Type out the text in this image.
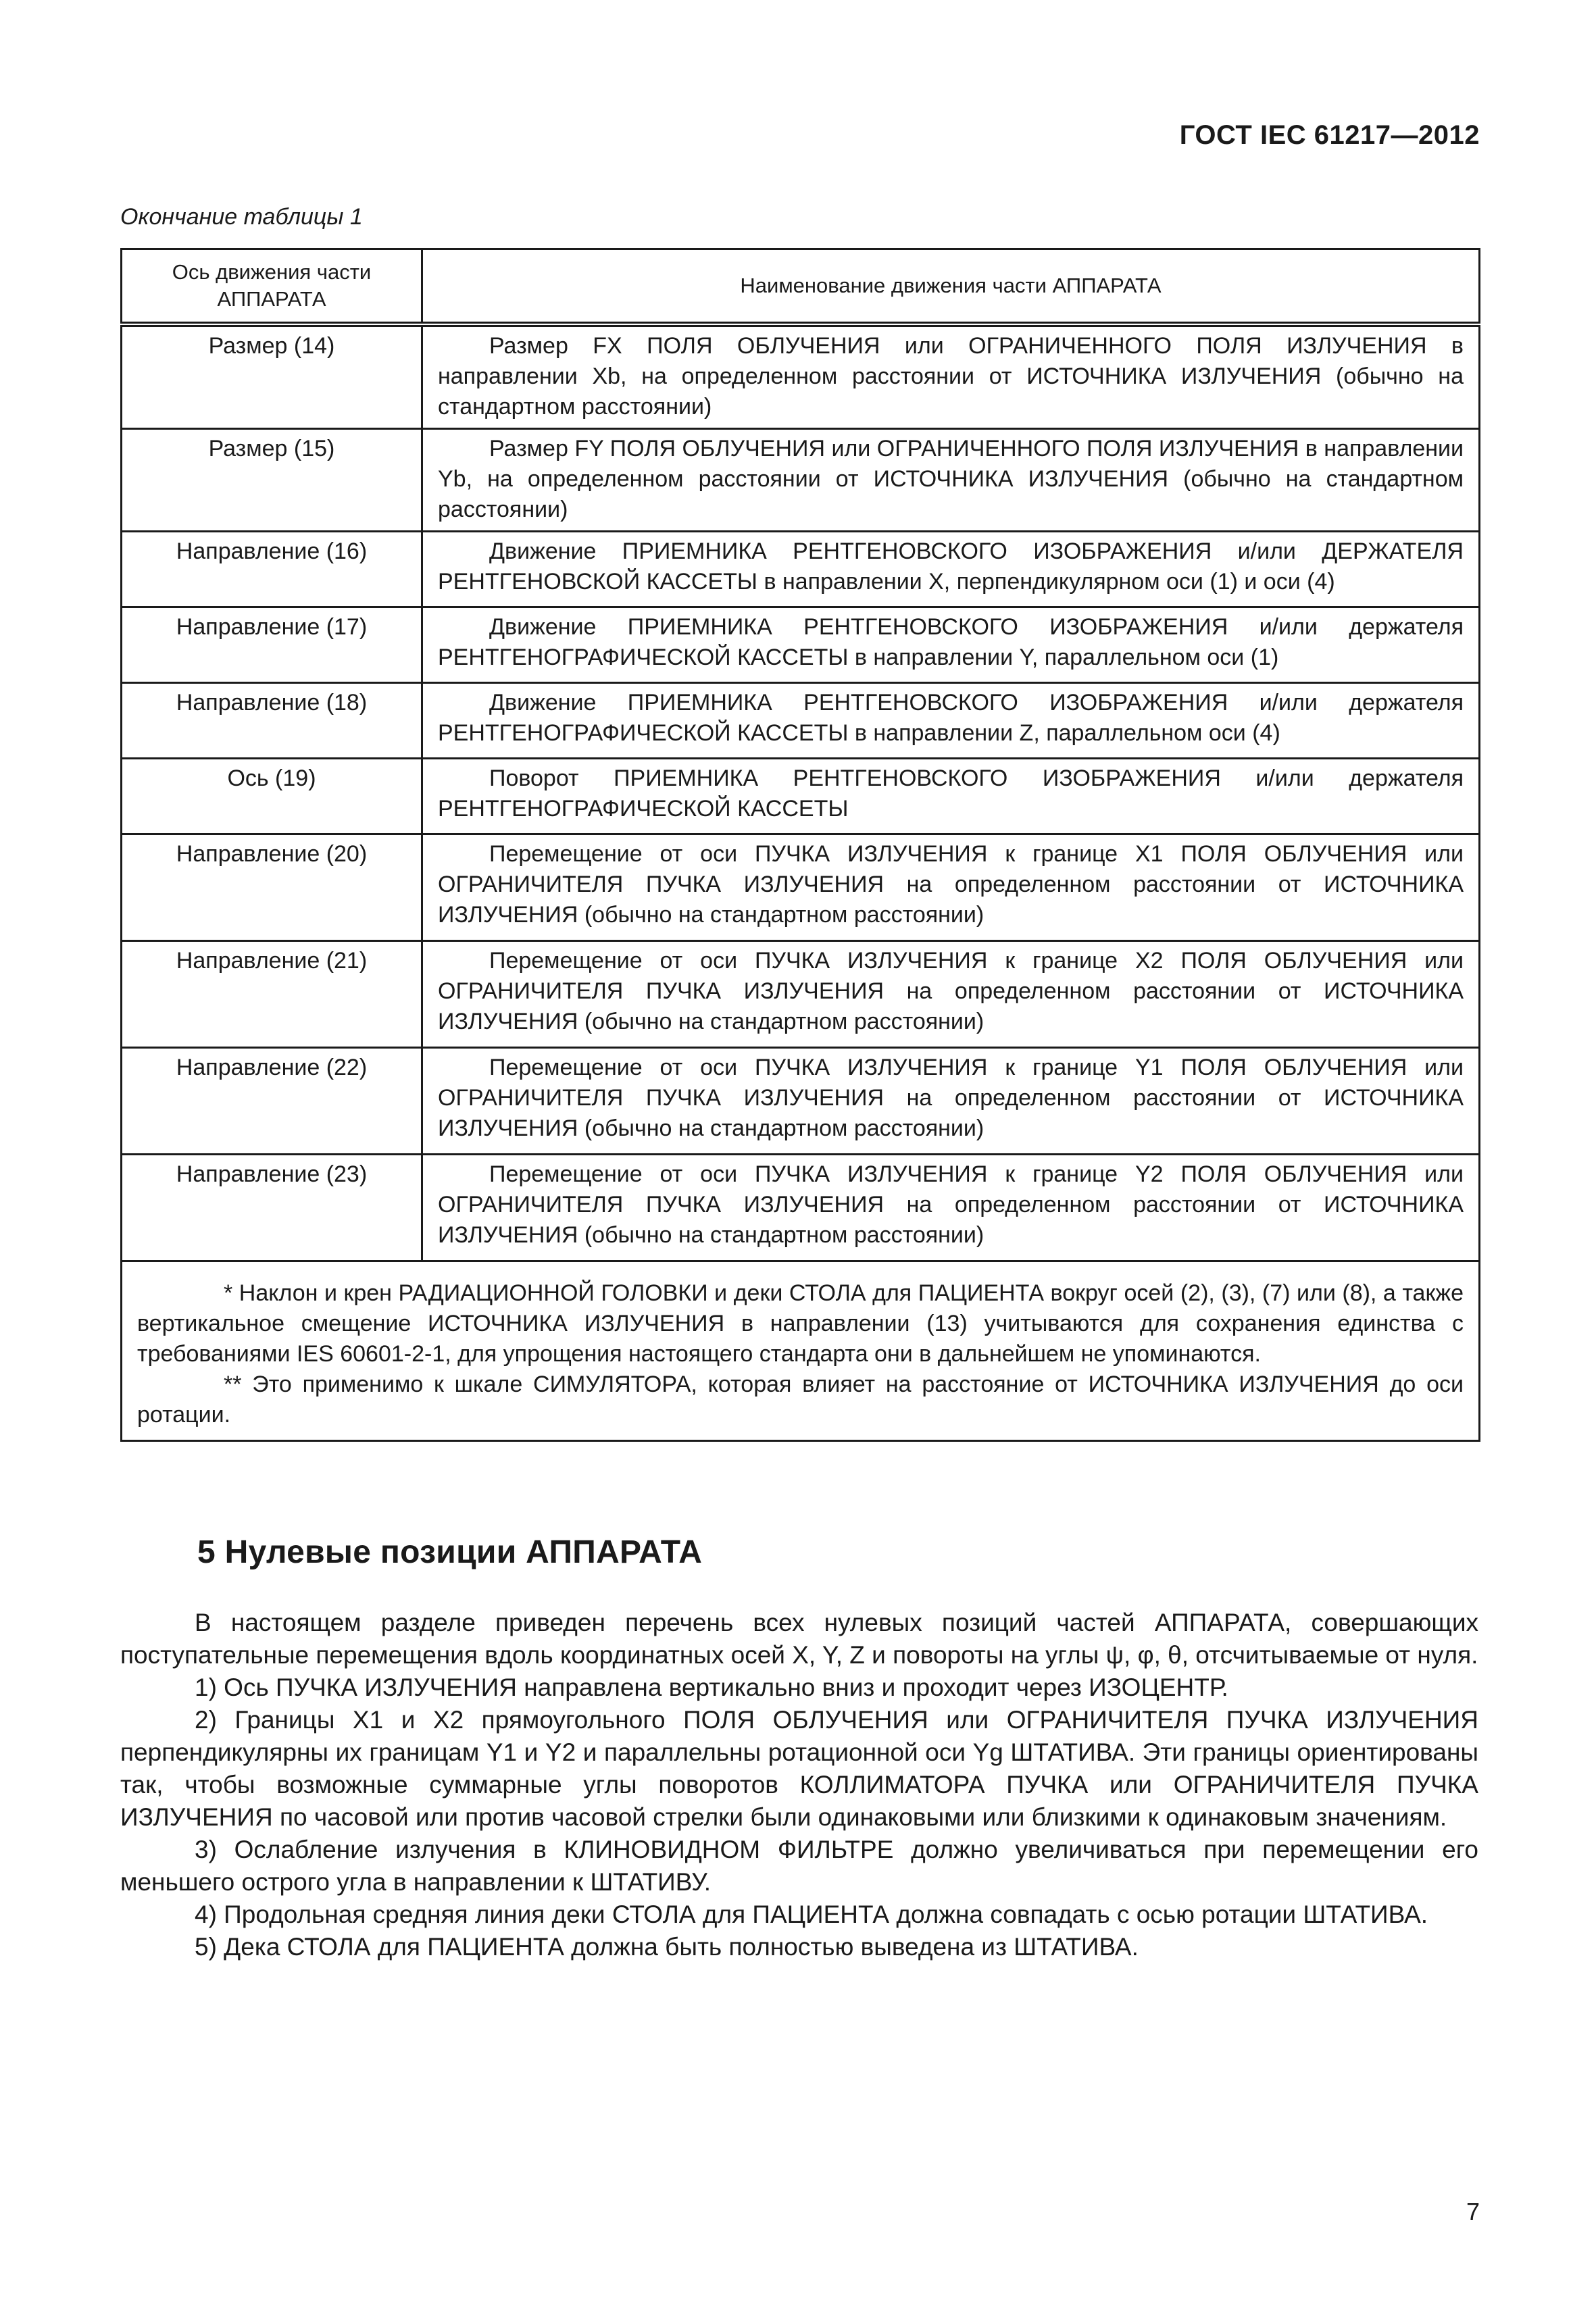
ГОСТ IEC 61217—2012
Окончание таблицы 1
Ось движения части АППАРАТА	Наименование движения части АППАРАТА
Размер (14)	Размер FX ПОЛЯ ОБЛУЧЕНИЯ или ОГРАНИЧЕННОГО ПОЛЯ ИЗЛУЧЕНИЯ в направлении Xb, на определенном расстоянии от ИСТОЧНИКА ИЗЛУЧЕНИЯ (обычно на стандартном расстоянии)

Размер (15)	Размер FY ПОЛЯ ОБЛУЧЕНИЯ или ОГРАНИЧЕННОГО ПОЛЯ ИЗЛУЧЕНИЯ в направлении Yb, на определенном расстоянии от ИСТОЧНИКА ИЗЛУЧЕНИЯ (обычно на стандартном расстоянии)

Направление (16)	Движение ПРИЕМНИКА РЕНТГЕНОВСКОГО ИЗОБРАЖЕНИЯ и/или ДЕРЖАТЕЛЯ РЕНТГЕНОВСКОЙ КАССЕТЫ в направлении X, перпендикулярном оси (1) и оси (4)

Направление (17)	Движение ПРИЕМНИКА РЕНТГЕНОВСКОГО ИЗОБРАЖЕНИЯ и/или держателя РЕНТГЕНОГРАФИЧЕСКОЙ КАССЕТЫ в направлении Y, параллельном оси (1)

Направление (18)	Движение ПРИЕМНИКА РЕНТГЕНОВСКОГО ИЗОБРАЖЕНИЯ и/или держателя РЕНТГЕНОГРАФИЧЕСКОЙ КАССЕТЫ в направлении Z, параллельном оси (4)

Ось (19)	Поворот ПРИЕМНИКА РЕНТГЕНОВСКОГО ИЗОБРАЖЕНИЯ и/или держателя РЕНТГЕНОГРАФИЧЕСКОЙ КАССЕТЫ

Направление (20)	Перемещение от оси ПУЧКА ИЗЛУЧЕНИЯ к границе X1 ПОЛЯ ОБЛУЧЕНИЯ или ОГРАНИЧИТЕЛЯ ПУЧКА ИЗЛУЧЕНИЯ на определенном расстоянии от ИСТОЧНИКА ИЗЛУЧЕНИЯ (обычно на стандартном расстоянии)

Направление (21)	Перемещение от оси ПУЧКА ИЗЛУЧЕНИЯ к границе X2 ПОЛЯ ОБЛУЧЕНИЯ или ОГРАНИЧИТЕЛЯ ПУЧКА ИЗЛУЧЕНИЯ на определенном расстоянии от ИСТОЧНИКА ИЗЛУЧЕНИЯ (обычно на стандартном расстоянии)

Направление (22)	Перемещение от оси ПУЧКА ИЗЛУЧЕНИЯ к границе Y1 ПОЛЯ ОБЛУЧЕНИЯ или ОГРАНИЧИТЕЛЯ ПУЧКА ИЗЛУЧЕНИЯ на определенном расстоянии от ИСТОЧНИКА ИЗЛУЧЕНИЯ (обычно на стандартном расстоянии)

Направление (23)	Перемещение от оси ПУЧКА ИЗЛУЧЕНИЯ к границе Y2 ПОЛЯ ОБЛУЧЕНИЯ или ОГРАНИЧИТЕЛЯ ПУЧКА ИЗЛУЧЕНИЯ на определенном расстоянии от ИСТОЧНИКА ИЗЛУЧЕНИЯ (обычно на стандартном расстоянии)

* Наклон и крен РАДИАЦИОННОЙ ГОЛОВКИ и деки СТОЛА для ПАЦИЕНТА вокруг осей (2), (3), (7) или (8), а также вертикальное смещение ИСТОЧНИКА ИЗЛУЧЕНИЯ в направлении (13) учитываются для сохранения единства с требованиями IES 60601-2-1, для упрощения настоящего стандарта они в дальнейшем не упоминаются.

** Это применимо к шкале СИМУЛЯТОРА, которая влияет на расстояние от ИСТОЧНИКА ИЗЛУЧЕНИЯ до оси ротации.	

5 Нулевые позиции АППАРАТА

В настоящем разделе приведен перечень всех нулевых позиций частей АППАРАТА, совершающих поступательные перемещения вдоль координатных осей X, Y, Z и повороты на углы ψ, φ, θ, отсчитываемые от нуля.

1) Ось ПУЧКА ИЗЛУЧЕНИЯ направлена вертикально вниз и проходит через ИЗОЦЕНТР.

2) Границы X1 и X2 прямоугольного ПОЛЯ ОБЛУЧЕНИЯ или ОГРАНИЧИТЕЛЯ ПУЧКА ИЗЛУЧЕНИЯ перпендикулярны их границам Y1 и Y2 и параллельны ротационной оси Yg ШТАТИВА. Эти границы ориентированы так, чтобы возможные суммарные углы поворотов КОЛЛИМАТОРА ПУЧКА или ОГРАНИЧИТЕЛЯ ПУЧКА ИЗЛУЧЕНИЯ по часовой или против часовой стрелки были одинаковыми или близкими к одинаковым значениям.

3) Ослабление излучения в КЛИНОВИДНОМ ФИЛЬТРЕ должно увеличиваться при перемещении его меньшего острого угла в направлении к ШТАТИВУ.

4) Продольная средняя линия деки СТОЛА для ПАЦИЕНТА должна совпадать с осью ротации ШТАТИВА.

5) Дека СТОЛА для ПАЦИЕНТА должна быть полностью выведена из ШТАТИВА.

7
